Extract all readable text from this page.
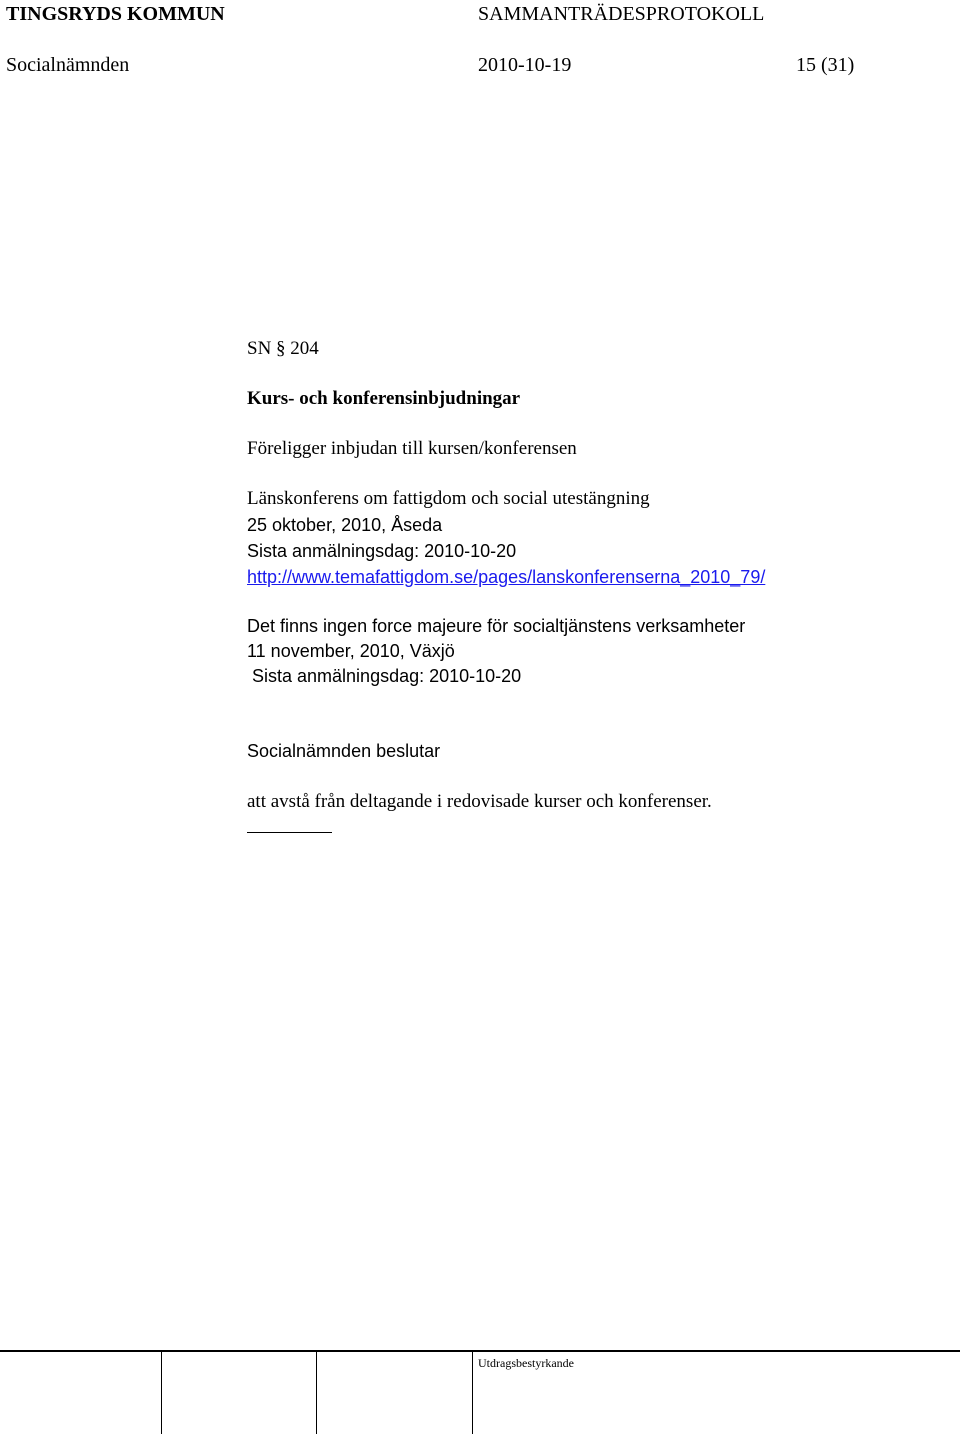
TINGSRYDS KOMMUN	SAMMANTRÄDESPROTOKOLL
Socialnämnden	2010-10-19	15 (31)
SN § 204
Kurs- och konferensinbjudningar
Föreligger inbjudan till kursen/konferensen
Länskonferens om fattigdom och social utestängning
25 oktober, 2010, Åseda
Sista anmälningsdag: 2010-10-20
http://www.temafattigdom.se/pages/lanskonferenserna_2010_79/
Det finns ingen force majeure för socialtjänstens verksamheter
11 november, 2010, Växjö
Sista anmälningsdag: 2010-10-20
Socialnämnden beslutar
att avstå från deltagande i redovisade kurser och konferenser.
Utdragsbestyrkande
